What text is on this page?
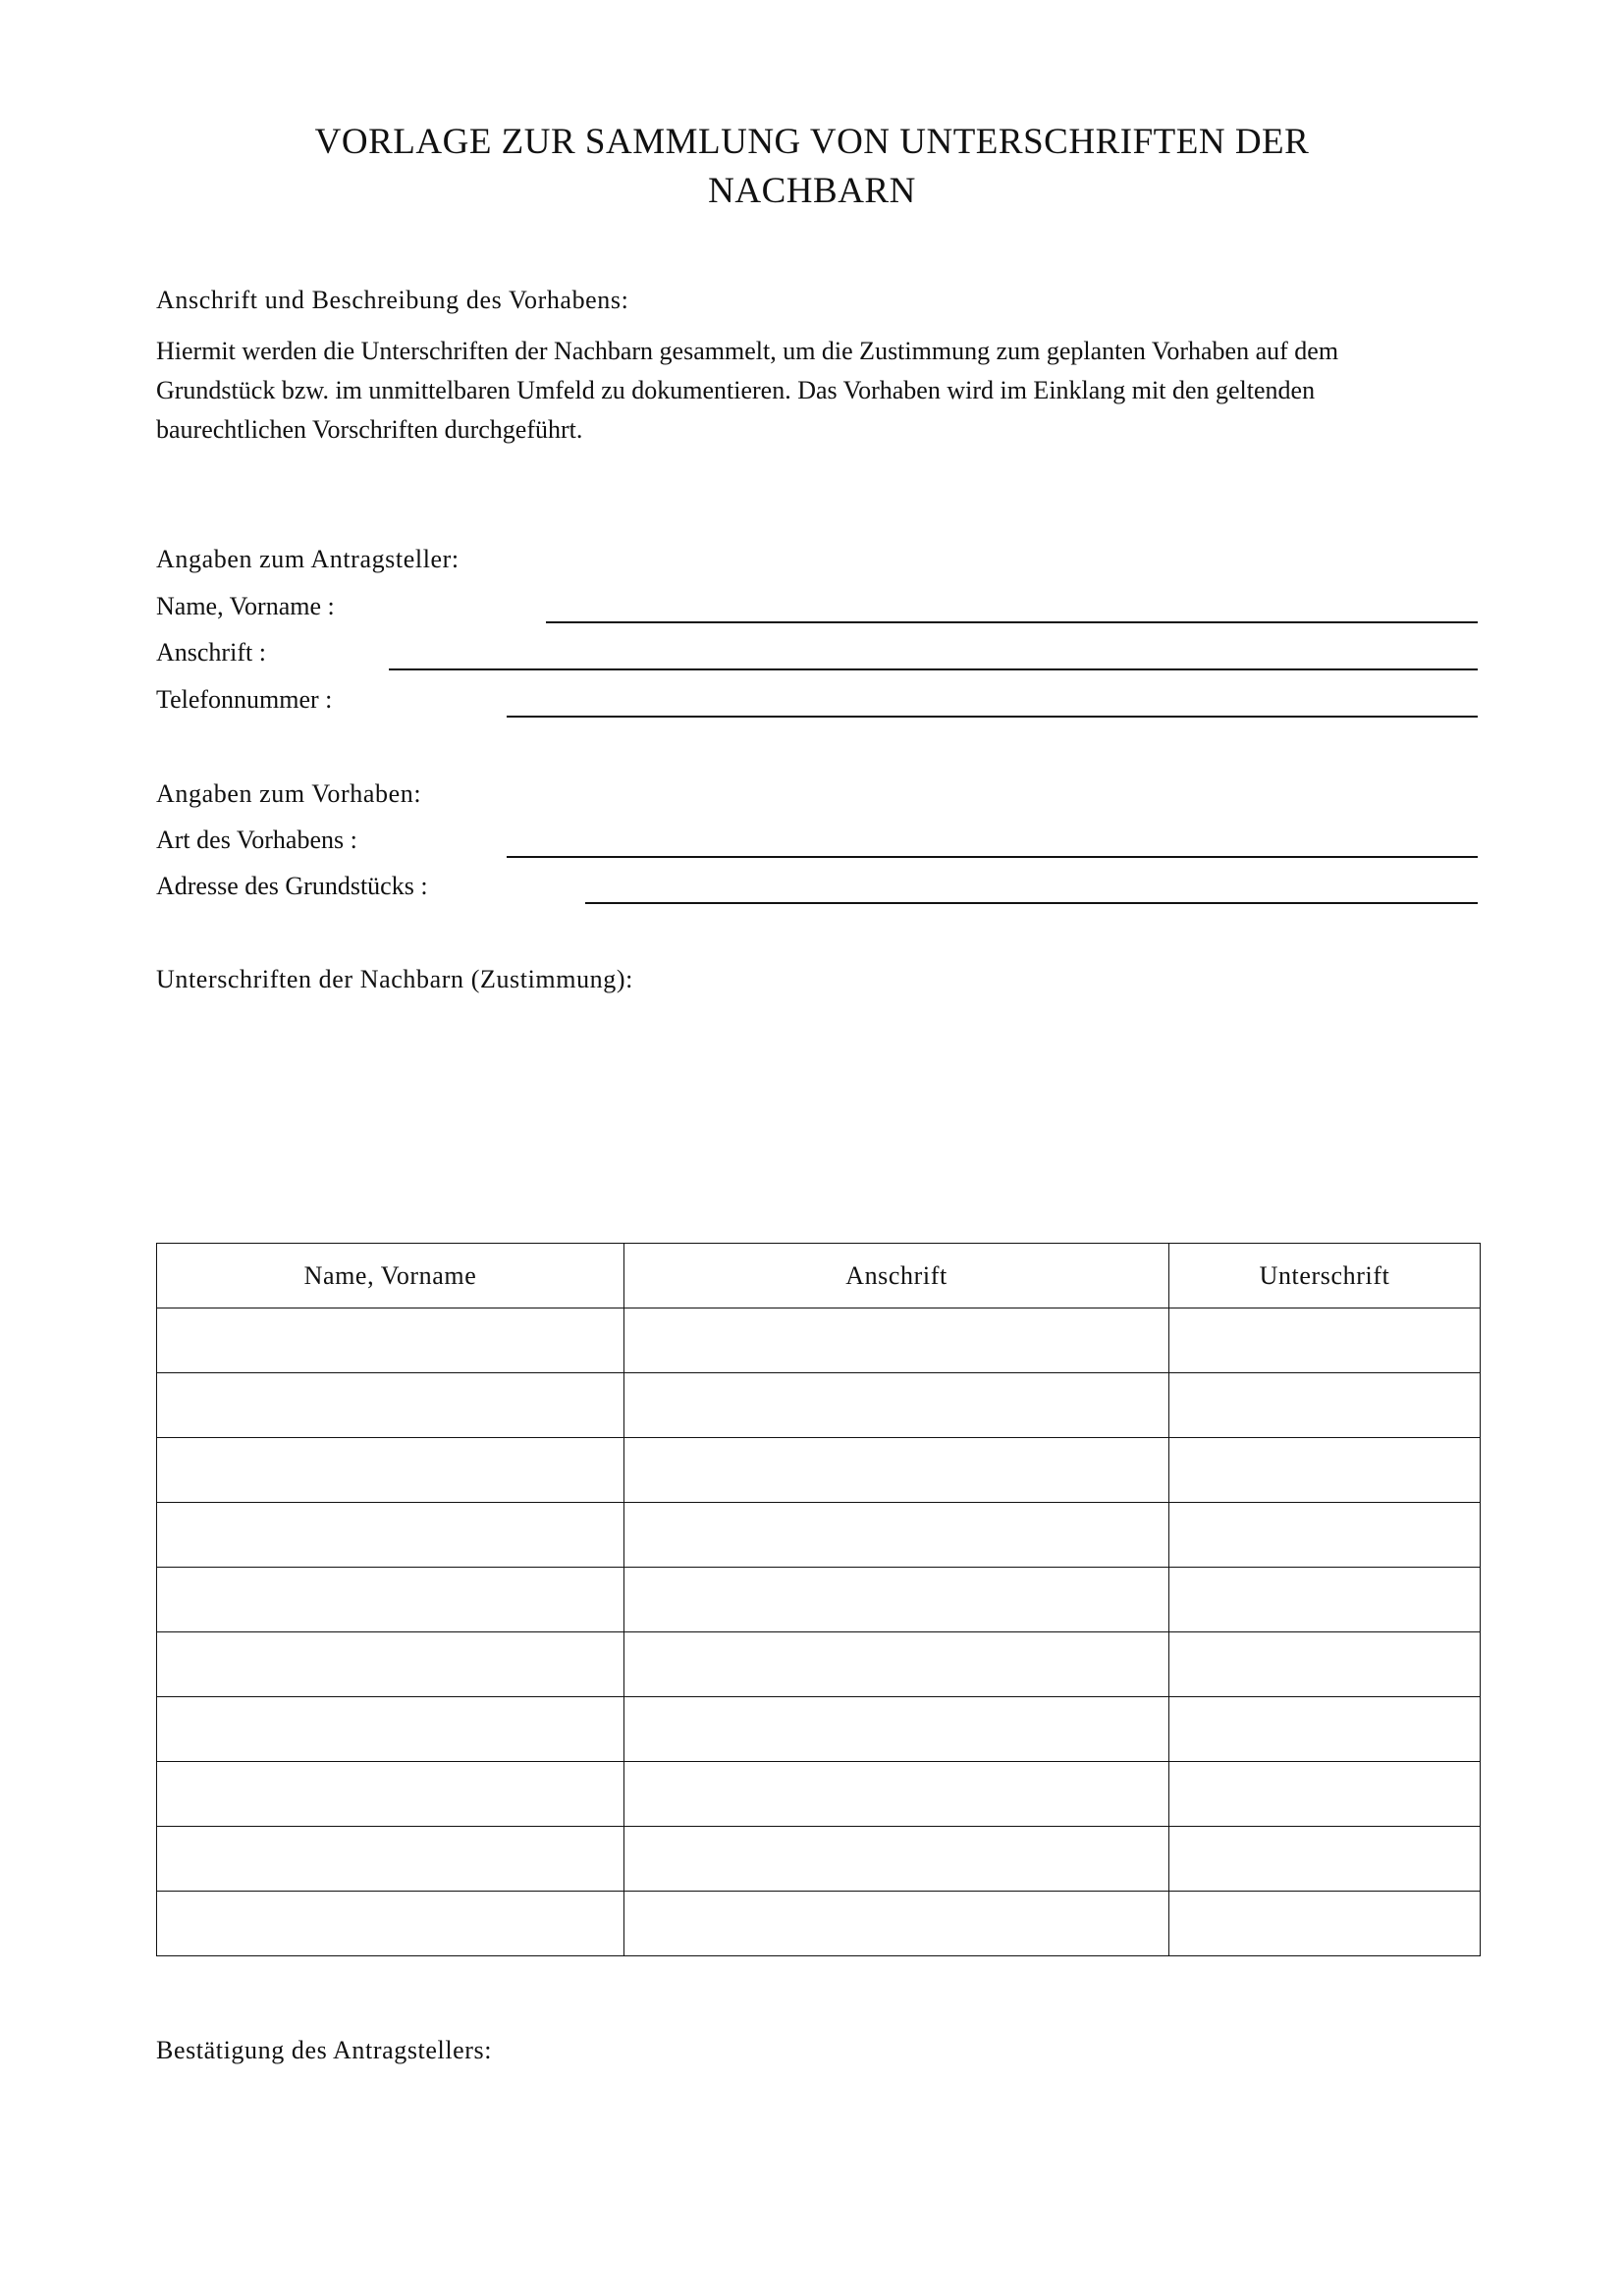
VORLAGE ZUR SAMMLUNG VON UNTERSCHRIFTEN DER
NACHBARN
Anschrift und Beschreibung des Vorhabens:
Hiermit werden die Unterschriften der Nachbarn gesammelt, um die Zustimmung zum geplanten Vorhaben auf dem
Grundstück bzw. im unmittelbaren Umfeld zu dokumentieren. Das Vorhaben wird im Einklang mit den geltenden
baurechtlichen Vorschriften durchgeführt.
Angaben zum Antragsteller:
Name, Vorname :
Anschrift :
Telefonnummer :
Angaben zum Vorhaben:
Art des Vorhabens :
Adresse des Grundstücks :
Unterschriften der Nachbarn (Zustimmung):
Name, Vorname	Anschrift	Unterschrift

Bestätigung des Antragstellers:
